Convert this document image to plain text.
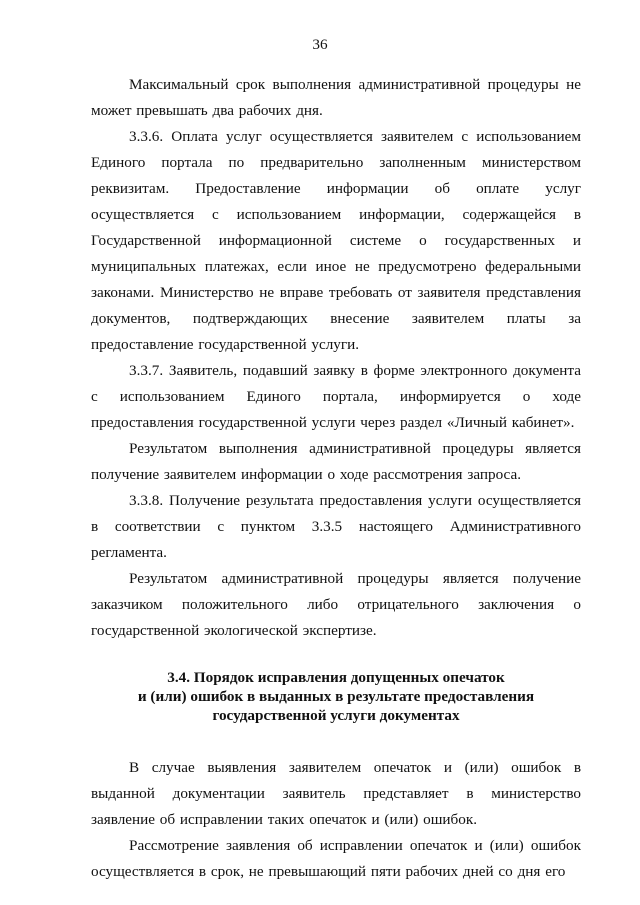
36

Максимальный срок выполнения административной процедуры не может превышать два рабочих дня.

3.3.6. Оплата услуг осуществляется заявителем с использованием Единого портала по предварительно заполненным министерством реквизитам. Предоставление информации об оплате услуг осуществляется с использованием информации, содержащейся в Государственной информационной системе о государственных и муниципальных платежах, если иное не предусмотрено федеральными законами. Министерство не вправе требовать от заявителя представления документов, подтверждающих внесение заявителем платы за предоставление государственной услуги.

3.3.7. Заявитель, подавший заявку в форме электронного документа с использованием Единого портала, информируется о ходе предоставления государственной услуги через раздел «Личный кабинет».

Результатом выполнения административной процедуры является получение заявителем информации о ходе рассмотрения запроса.

3.3.8. Получение результата предоставления услуги осуществляется в соответствии с пунктом 3.3.5 настоящего Административного регламента.

Результатом административной процедуры является получение заказчиком положительного либо отрицательного заключения о государственной экологической экспертизе.

3.4. Порядок исправления допущенных опечаток
и (или) ошибок в выданных в результате предоставления
государственной услуги документах

В случае выявления заявителем опечаток и (или) ошибок в выданной документации заявитель представляет в министерство заявление об исправлении таких опечаток и (или) ошибок.

Рассмотрение заявления об исправлении опечаток и (или) ошибок осуществляется в срок, не превышающий пяти рабочих дней со дня его
